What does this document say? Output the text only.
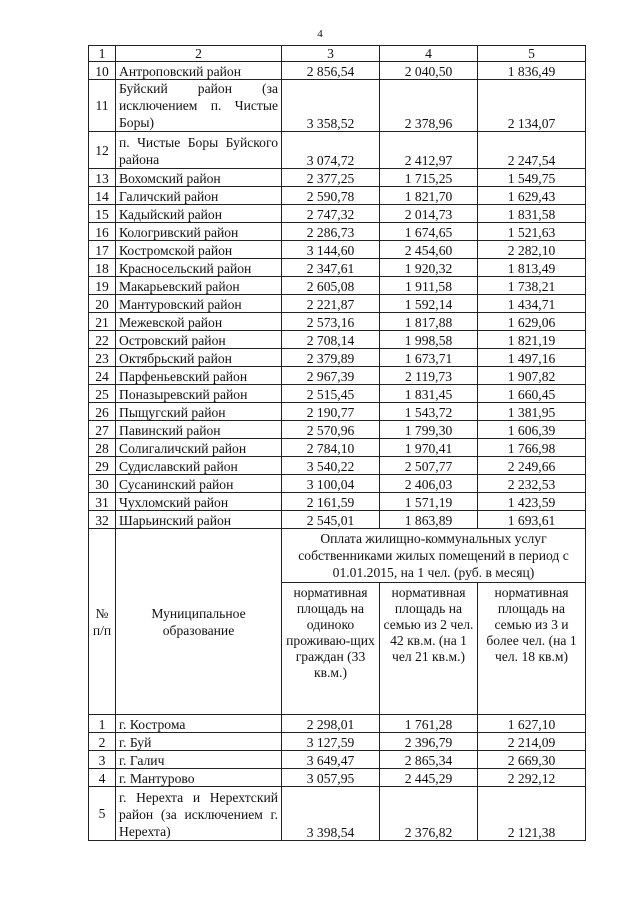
4
1	2	3	4	5
10	Антроповский район	2 856,54	2 040,50	1 836,49
11	Буйский район (за исключением п. Чистые Боры)	3 358,52	2 378,96	2 134,07
12	п. Чистые Боры Буйского района	3 074,72	2 412,97	2 247,54
13	Вохомский район	2 377,25	1 715,25	1 549,75
14	Галичский район	2 590,78	1 821,70	1 629,43
15	Кадыйский район	2 747,32	2 014,73	1 831,58
16	Кологривский район	2 286,73	1 674,65	1 521,63
17	Костромской район	3 144,60	2 454,60	2 282,10
18	Красносельский район	2 347,61	1 920,32	1 813,49
19	Макарьевский район	2 605,08	1 911,58	1 738,21
20	Мантуровский район	2 221,87	1 592,14	1 434,71
21	Межевской район	2 573,16	1 817,88	1 629,06
22	Островский район	2 708,14	1 998,58	1 821,19
23	Октябрьский район	2 379,89	1 673,71	1 497,16
24	Парфеньевский район	2 967,39	2 119,73	1 907,82
25	Поназыревский район	2 515,45	1 831,45	1 660,45
26	Пыщугский район	2 190,77	1 543,72	1 381,95
27	Павинский район	2 570,96	1 799,30	1 606,39
28	Солигаличский район	2 784,10	1 970,41	1 766,98
29	Судиславский район	3 540,22	2 507,77	2 249,66
30	Сусанинский район	3 100,04	2 406,03	2 232,53
31	Чухломский район	2 161,59	1 571,19	1 423,59
32	Шарьинский район	2 545,01	1 863,89	1 693,61
№ п/п	Муниципальное образование	Оплата жилищно-коммунальных услуг собственниками жилых помещений в период с 01.01.2015, на 1 чел. (руб. в месяц)		
		нормативная площадь на одиноко проживаю-щих граждан (33 кв.м.)	нормативная площадь на семью из 2 чел. 42 кв.м. (на 1 чел 21 кв.м.)	нормативная площадь на семью из 3 и более чел. (на 1 чел. 18 кв.м)
1	г. Кострома	2 298,01	1 761,28	1 627,10
2	г. Буй	3 127,59	2 396,79	2 214,09
3	г. Галич	3 649,47	2 865,34	2 669,30
4	г. Мантурово	3 057,95	2 445,29	2 292,12
5	г. Нерехта и Нерехтский район (за исключением г. Нерехта)	3 398,54	2 376,82	2 121,38
